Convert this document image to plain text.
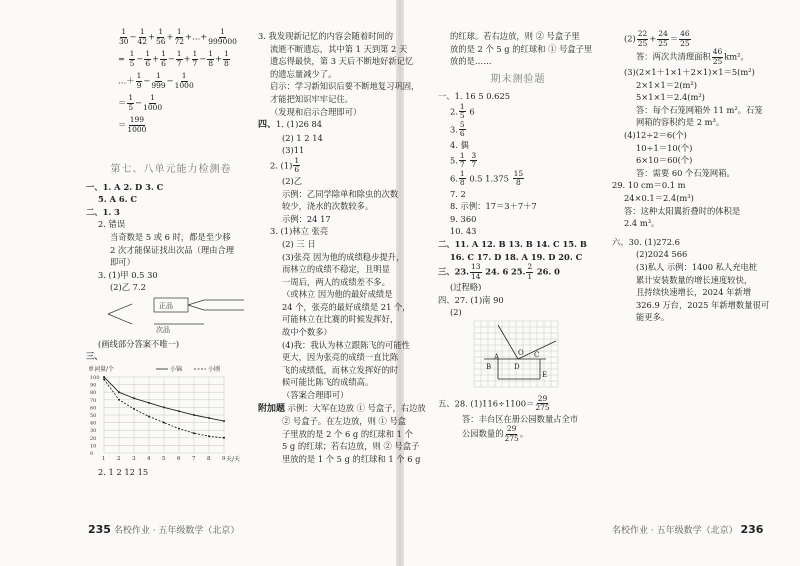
$\frac{1}{30} - \frac{1}{42} + \frac{1}{56} + \frac{1}{72}$ +…+ $\frac{1}{999000}$
= $\frac{1}{5} - \frac{1}{6} + \frac{1}{6} - \frac{1}{7} + \frac{1}{7} - \frac{1}{8} + \frac{1}{8}$
…＋ $\frac{1}{9} - \frac{1}{999} - \frac{1}{1000}$
＝ $\frac{1}{5} - \frac{1}{1000}$
＝ $\frac{199}{1000}$
第七、八单元能力检测卷
一、1. A 2. D 3. C
5. A 6. C
二、1. 3
2. 错误
当奇数是 5 或 6 时，都是至少移
2 次才能保证找出次品（理由合理
即可）
3. (1)甲 0.5 30
(2)乙 7.2
正品
次品
(画线部分答案不唯一)
三、
1 2 3 4 5 6 7 8 9
0
10
20
30
40
50
60
70
80
90
100
单词量/个
天/天
小锦	小刚
2. 1 2 12 15
3. 我发现新记忆的内容会随着时间的
流逝不断遗忘，其中第 1 天到第 2 天
遗忘得最快，第 3 天后不断地好新记忆
的遗忘量减少了。
启示：学习新知识后要不断地复习巩固，
才能把知识牢牢记住。
（发现和启示合理即可）
四、1. (1)26 84
(2) 1 2 14
(3)11
2. $(1) \frac{1}{6}$
(2)乙
示例：乙同学除单和除虫的次数
较少，浇水的次数较多。
示例：24 17
3. (1)林立 张亮
(2) 三 日
(3)张亮 因为他的成绩稳步提升，
而林立的成绩不稳定，且明显
一周后，两人的成绩差不多。
（或林立 因为他的最好成绩是
24 个，张亮的最好成绩是 21 个，
可能林立在比赛的时候发挥好，
故中个数多）
(4)我：我认为林立跟陈飞的可能性
更大，因为张亮的成绩一直比陈
飞的成绩低，而林立发挥好的时
候可能比陈飞的成绩高。
（答案合理即可）
附加题 示例：大军在边放 ① 号盒子，右边放
② 号盒子。在左边放，则 ① 号盒
子里放的是 2 个 6 g 的红球和 1 个
5 g 的红球；若右边放，则 ② 号盒子
里放的是 1 个 5 g 的红球和 1 个 6 g
的红球。若右边放，则 ② 号盒子里
放的是 2 个 5 g 的红球和 ① 号盒子里
放的是……
期末测验题
一、1. 16 5 0.625
2. $\frac{1}{5} 6$
3. $\frac{5}{6}$
4. 偶
5. $\frac{1}{7}$
$\frac{3}{7}$
6. $\frac{1}{8} 0.5$ $1.375 \frac{15}{8}$
7. 2
8. 示例：17＝3＋7＋7
9. 360
10. 43
二、11. A 12. B 13. B 14. C 15. B
16. C 17. D 18. A 19. D 20. C
三、23. $\frac{13}{14} 24$. 6 25. $\frac{2}{1} 26$. 0
(过程略)
四、27. (1)南 90
(2)
A
B
O C
D
E
五、28. $(1)116\div 1100= \frac{29}{275}$
答：丰台区在册公园数量占全市
公园数量的 $\frac{29}{275}$ 。
$(2) \frac{22}{25} + \frac{24}{25} = \frac{46}{25}$
答：两次共清理面积 $\frac{46}{25} km^2$。
(3)(2×1＋1×1＋2×1)×1＝5(m²)
2×1×1＝2(m²)
5×1×1＝2.4(m²)
答：每个石笼网箱外 11 m²。石笼
网箱的容积约是 2 m³。
(4)12÷2＝6(个)
10÷1＝10(个)
6×10＝60(个)
答：需要 60 个石笼网箱。
29. 10 cm＝0.1 m
24×0.1＝2.4(m³)
答：这种太阳翼折叠时的体积是
2.4 m³。
六、30. (1)272.6
(2)2024 566
(3)私人 示例：1400 私人充电桩
累计安装数量的增长速度较快，
且持续快速增长，2024 年新增
326.9 万台，2025 年新增数量很可
能更多。
235 名校作业 · 五年级数学（北京）	名校作业 · 五年级数学（北京） 236
